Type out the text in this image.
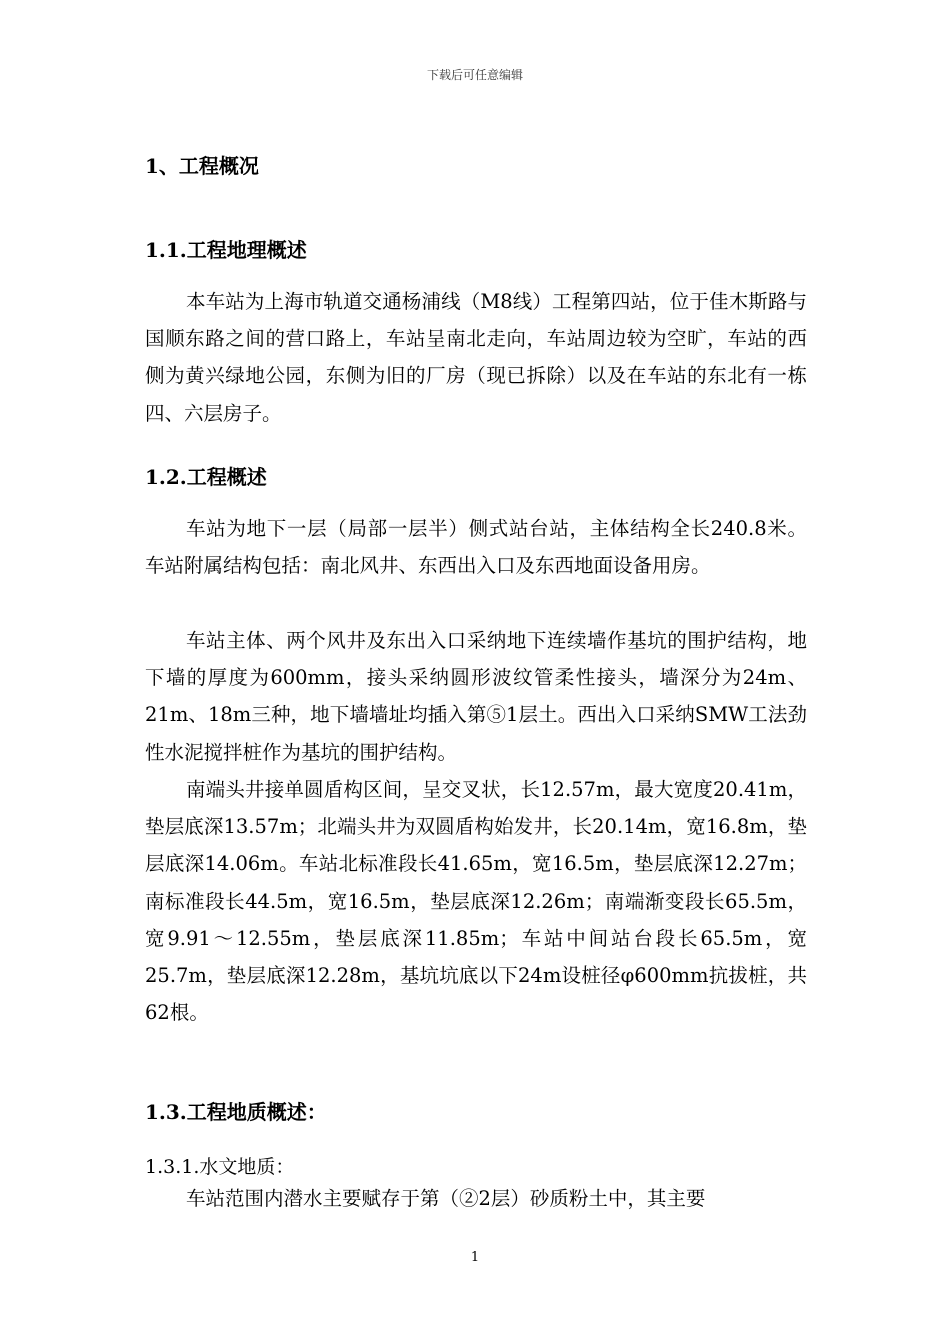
下载后可任意编辑
1、工程概况
1.1.工程地理概述

本车站为上海市轨道交通杨浦线（M8线）工程第四站，位于佳木斯路与国顺东路之间的营口路上，车站呈南北走向，车站周边较为空旷，车站的西侧为黄兴绿地公园，东侧为旧的厂房（现已拆除）以及在车站的东北有一栋四、六层房子。

1.2.工程概述

车站为地下一层（局部一层半）侧式站台站，主体结构全长240.8米。车站附属结构包括：南北风井、东西出入口及东西地面设备用房。

车站主体、两个风井及东出入口采纳地下连续墙作基坑的围护结构，地下墙的厚度为600mm，接头采纳圆形波纹管柔性接头，墙深分为24m、21m、18m三种，地下墙墙址均插入第⑤1层土。西出入口采纳SMW工法劲性水泥搅拌桩作为基坑的围护结构。

南端头井接单圆盾构区间，呈交叉状，长12.57m，最大宽度20.41m，垫层底深13.57m；北端头井为双圆盾构始发井，长20.14m，宽16.8m，垫层底深14.06m。车站北标准段长41.65m，宽16.5m，垫层底深12.27m；南标准段长44.5m，宽16.5m，垫层底深12.26m；南端渐变段长65.5m，宽9.91～12.55m，垫层底深11.85m；车站中间站台段长65.5m，宽25.7m，垫层底深12.28m，基坑坑底以下24m设桩径φ600mm抗拔桩，共62根。

1.3.工程地质概述：
1.3.1.水文地质：

车站范围内潜水主要赋存于第（②2层）砂质粉土中，其主要

1
